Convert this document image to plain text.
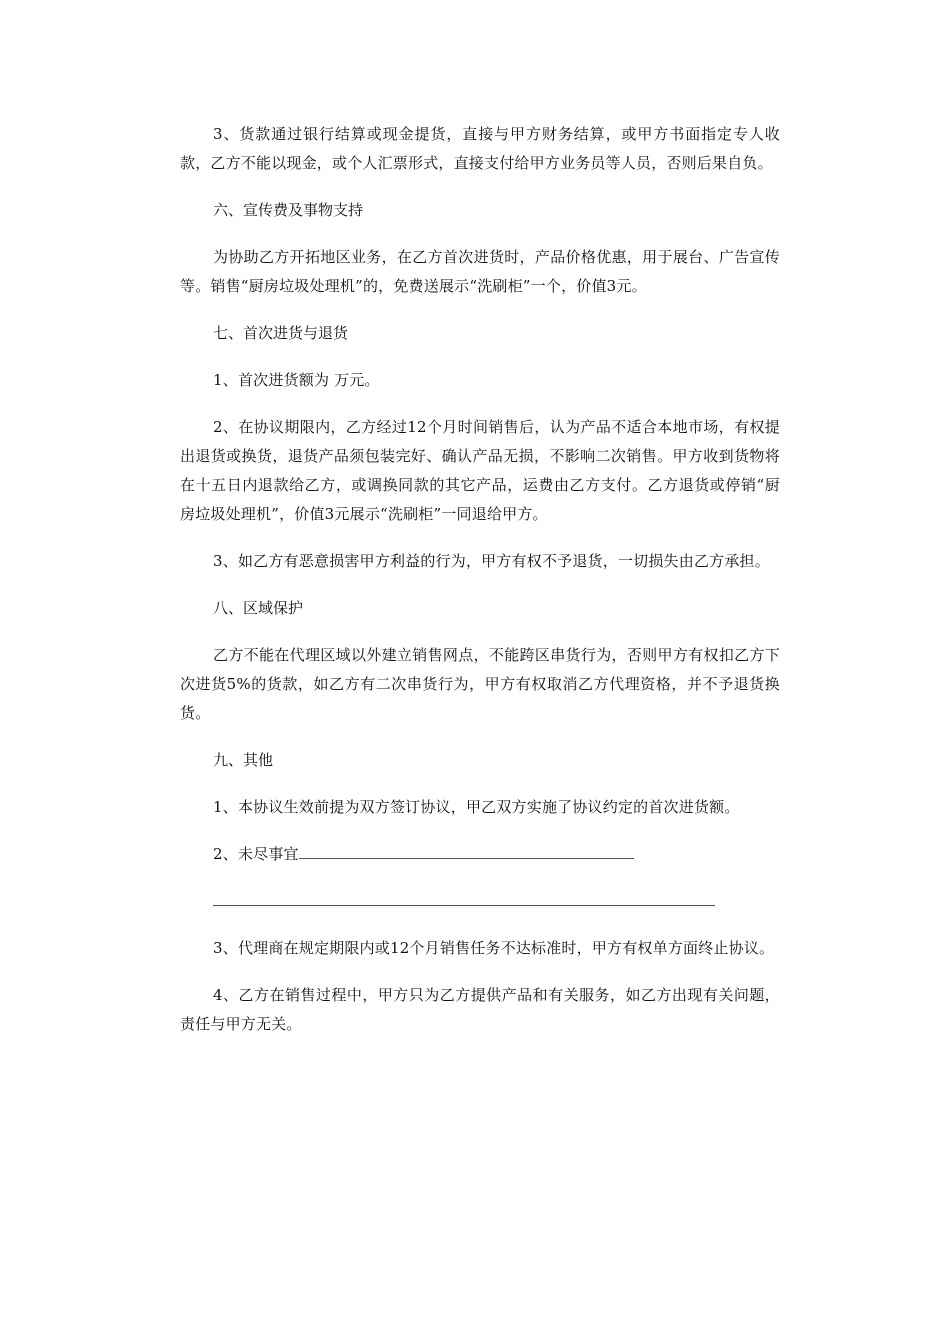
3、货款通过银行结算或现金提货，直接与甲方财务结算，或甲方书面指定专人收款，乙方不能以现金，或个人汇票形式，直接支付给甲方业务员等人员，否则后果自负。

六、宣传费及事物支持

为协助乙方开拓地区业务，在乙方首次进货时，产品价格优惠，用于展台、广告宣传等。销售“厨房垃圾处理机”的，免费送展示“洗刷柜”一个，价值3元。

七、首次进货与退货

1、首次进货额为 万元。

2、在协议期限内，乙方经过12个月时间销售后，认为产品不适合本地市场，有权提出退货或换货，退货产品须包装完好、确认产品无损，不影响二次销售。甲方收到货物将在十五日内退款给乙方，或调换同款的其它产品，运费由乙方支付。乙方退货或停销“厨房垃圾处理机”，价值3元展示“洗刷柜”一同退给甲方。

3、如乙方有恶意损害甲方利益的行为，甲方有权不予退货，一切损失由乙方承担。

八、区域保护

乙方不能在代理区域以外建立销售网点，不能跨区串货行为，否则甲方有权扣乙方下次进货5%的货款，如乙方有二次串货行为，甲方有权取消乙方代理资格，并不予退货换货。

九、其他

1、本协议生效前提为双方签订协议，甲乙双方实施了协议约定的首次进货额。

2、未尽事宜

3、代理商在规定期限内或12个月销售任务不达标准时，甲方有权单方面终止协议。

4、乙方在销售过程中，甲方只为乙方提供产品和有关服务，如乙方出现有关问题，责任与甲方无关。
